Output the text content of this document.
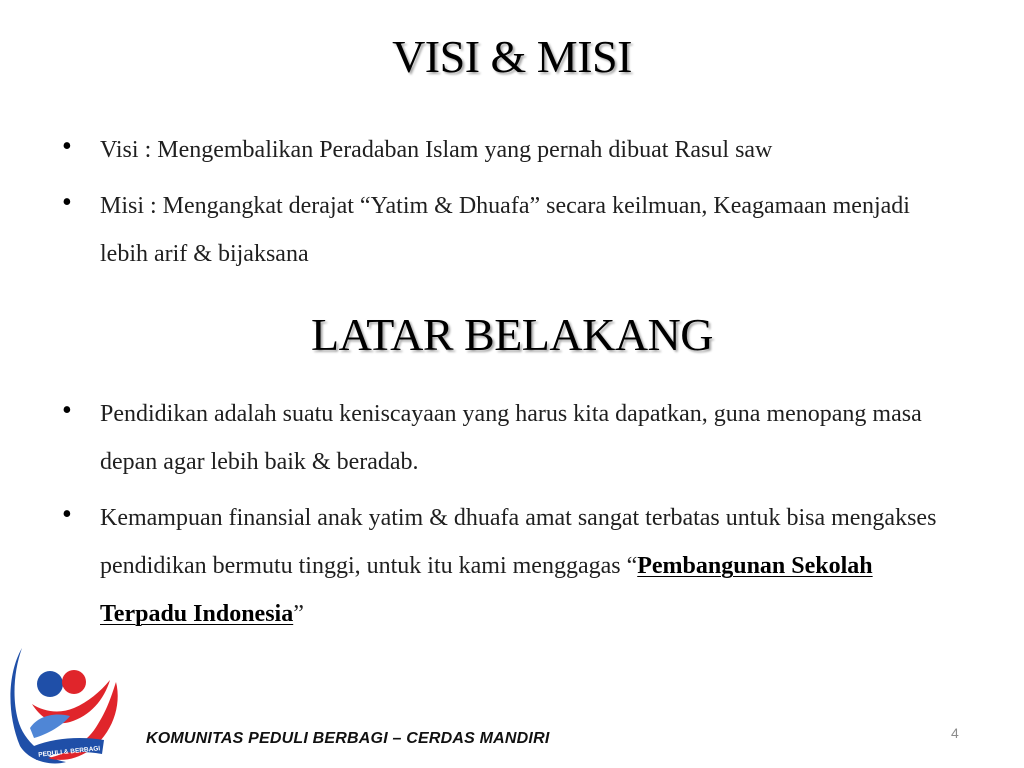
VISI & MISI
• Visi : Mengembalikan Peradaban Islam yang pernah dibuat Rasul saw
• Misi : Mengangkat derajat “Yatim & Dhuafa” secara keilmuan, Keagamaan menjadi lebih arif & bijaksana
LATAR BELAKANG
• Pendidikan adalah suatu keniscayaan yang harus kita dapatkan, guna menopang masa depan agar lebih baik & beradab.
• Kemampuan finansial anak yatim & dhuafa amat sangat terbatas untuk bisa mengakses pendidikan bermutu tinggi, untuk itu kami menggagas “Pembangunan Sekolah Terpadu Indonesia”
PEDULI & BERBAGI
KOMUNITAS PEDULI BERBAGI – CERDAS MANDIRI	4
